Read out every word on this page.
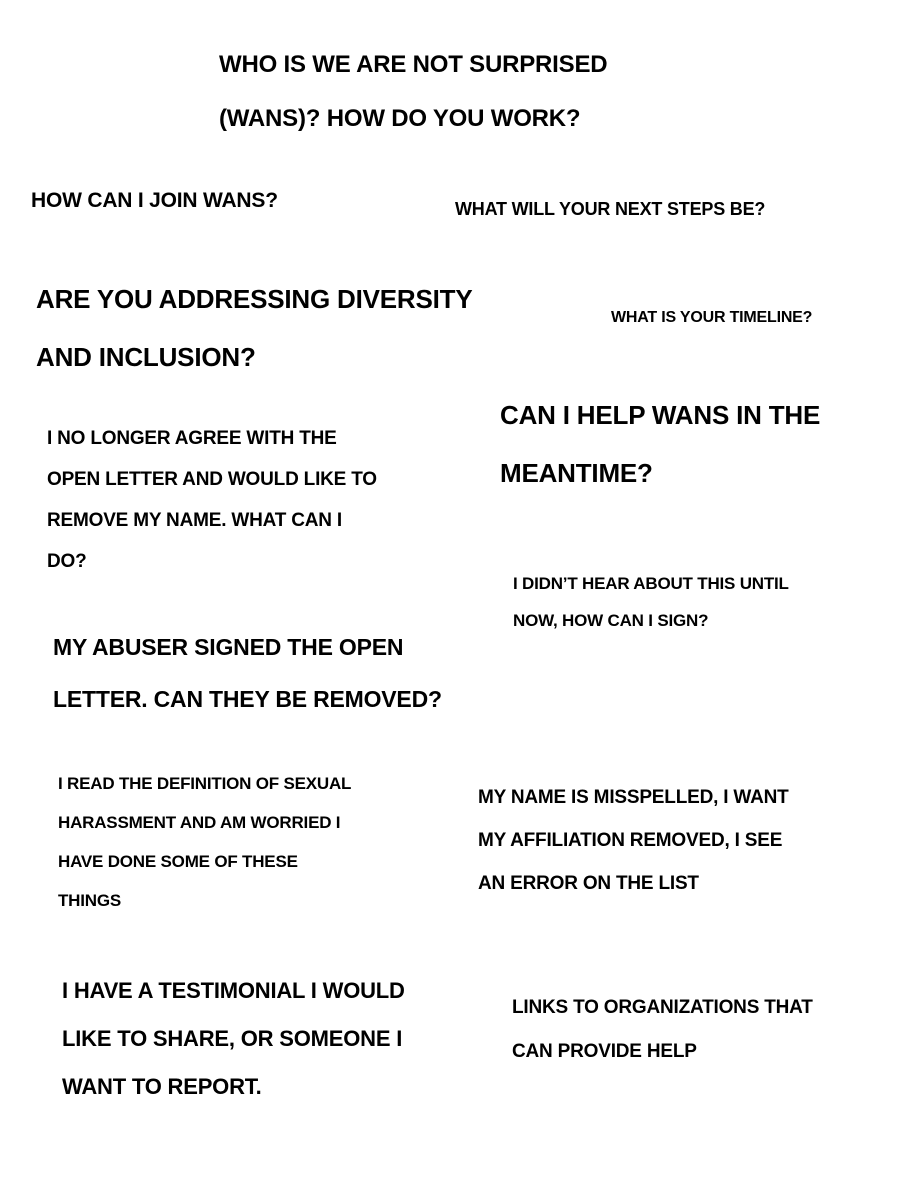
WHO IS WE ARE NOT SURPRISED
(WANS)? HOW DO YOU WORK?
HOW CAN I JOIN WANS?	WHAT WILL YOUR NEXT STEPS BE?
ARE YOU ADDRESSING DIVERSITY
AND INCLUSION?
WHAT IS YOUR TIMELINE?
CAN I HELP WANS IN THE
MEANTIME?
I NO LONGER AGREE WITH THE
OPEN LETTER AND WOULD LIKE TO
REMOVE MY NAME. WHAT CAN I
DO?
I DIDN’T HEAR ABOUT THIS UNTIL
NOW, HOW CAN I SIGN?
MY ABUSER SIGNED THE OPEN
LETTER. CAN THEY BE REMOVED?
I READ THE DEFINITION OF SEXUAL
HARASSMENT AND AM WORRIED I
HAVE DONE SOME OF THESE
THINGS
MY NAME IS MISSPELLED, I WANT
MY AFFILIATION REMOVED, I SEE
AN ERROR ON THE LIST
I HAVE A TESTIMONIAL I WOULD
LIKE TO SHARE, OR SOMEONE I
WANT TO REPORT.
LINKS TO ORGANIZATIONS THAT
CAN PROVIDE HELP
